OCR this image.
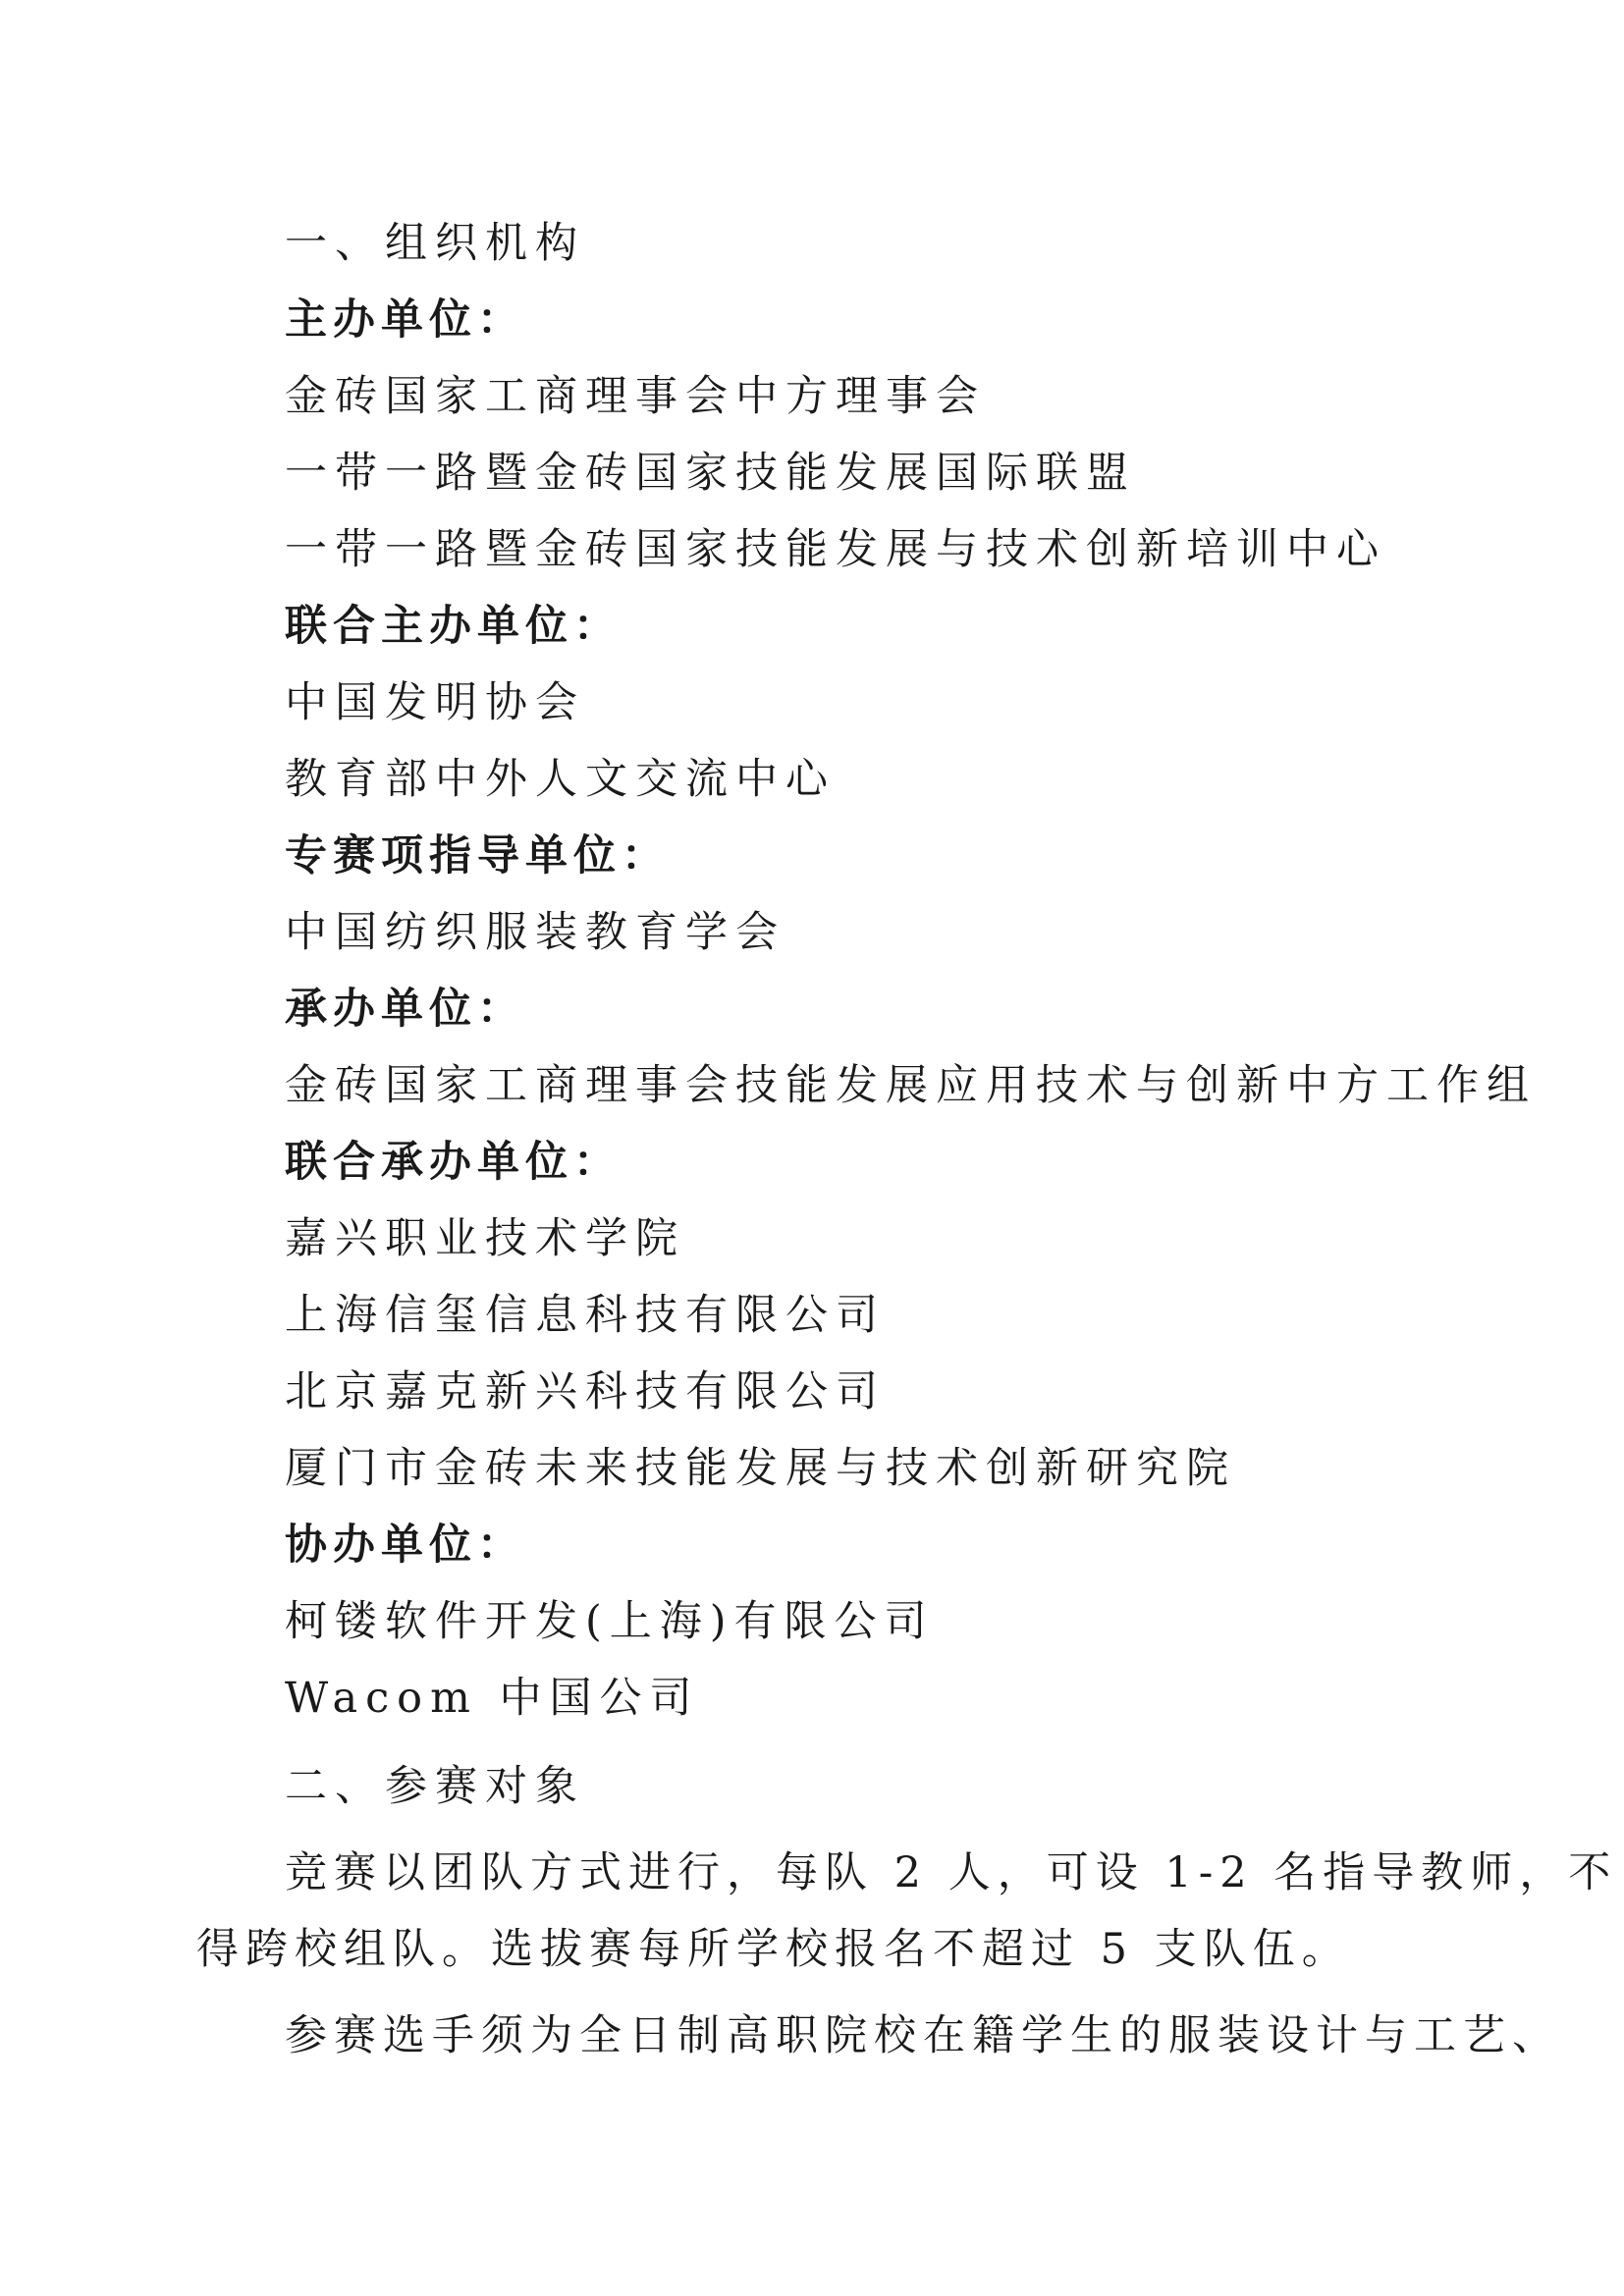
一、组织机构

主办单位：

金砖国家工商理事会中方理事会

一带一路暨金砖国家技能发展国际联盟

一带一路暨金砖国家技能发展与技术创新培训中心

联合主办单位：

中国发明协会

教育部中外人文交流中心

专赛项指导单位：

中国纺织服装教育学会

承办单位：

金砖国家工商理事会技能发展应用技术与创新中方工作组

联合承办单位：

嘉兴职业技术学院

上海信玺信息科技有限公司

北京嘉克新兴科技有限公司

厦门市金砖未来技能发展与技术创新研究院

协办单位：

柯镂软件开发(上海)有限公司

Wacom 中国公司

二、参赛对象

竞赛以团队方式进行，每队 2 人，可设 1-2 名指导教师，不

得跨校组队。选拔赛每所学校报名不超过 5 支队伍。

参赛选手须为全日制高职院校在籍学生的服装设计与工艺、
